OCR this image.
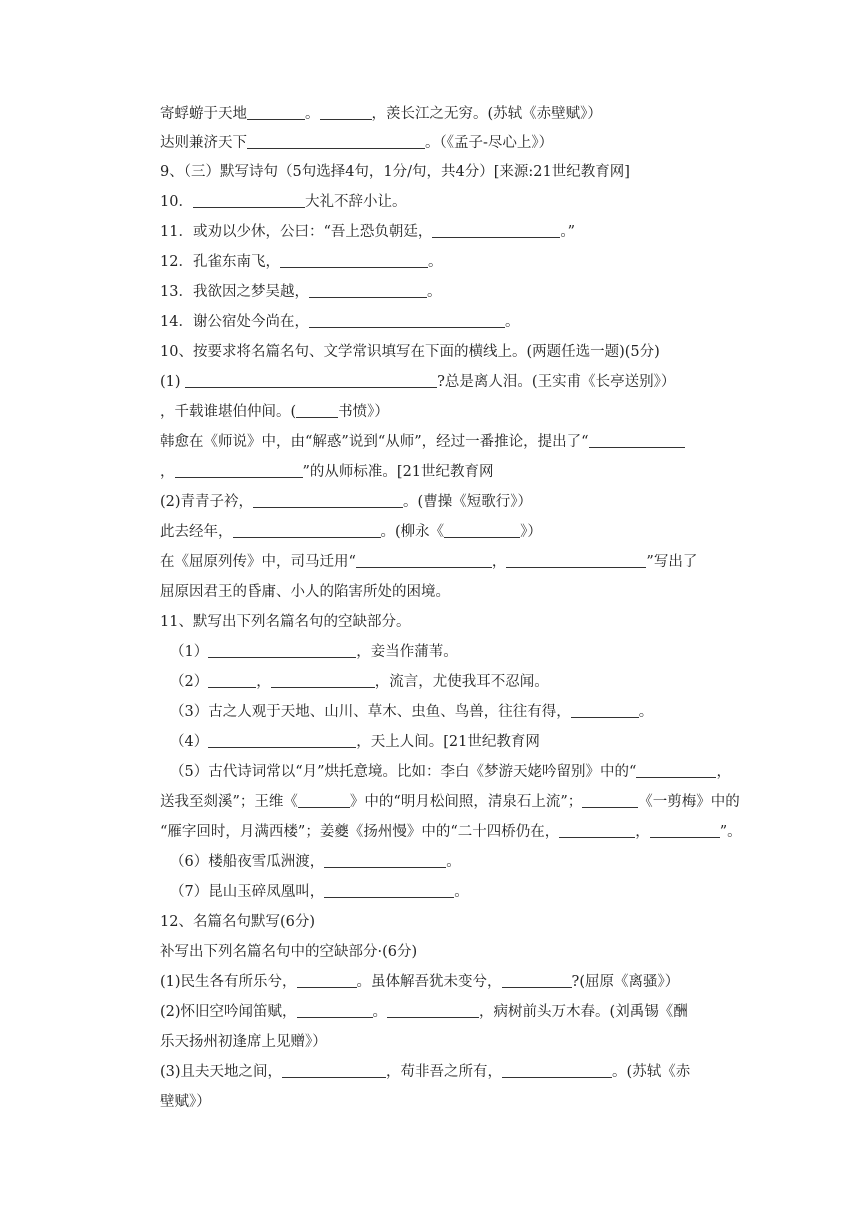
寄蜉蝣于天地	。	，羡长江之无穷。(苏轼《赤壁赋》）
达则兼济天下	。（《孟子-尽心上》）
9、（三）默写诗句（5句选择4句，1分/句，共4分）[来源:21世纪教育网]
10．	大礼不辞小让。
11．或劝以少休，公曰：“吾上恐负朝廷，	。”
12．孔雀东南飞，	。
13．我欲因之梦吴越，	。
14．谢公宿处今尚在，	。
10、按要求将名篇名句、文学常识填写在下面的横线上。(两题任选一题)(5分)
(1)	?总是离人泪。(王实甫《长亭送别》）
，千载谁堪伯仲间。(	书愤》）
韩愈在《师说》中，由“解惑”说到“从师”，经过一番推论，提出了“
，	”的从师标准。[21世纪教育网
(2)青青子衿，	。(曹操《短歌行》）
此去经年，	。(柳永《	》）
在《屈原列传》中，司马迁用“	，	”写出了
屈原因君王的昏庸、小人的陷害所处的困境。
11、默写出下列名篇名句的空缺部分。
（1）	，妾当作蒲苇。
（2）	，	，流言，尤使我耳不忍闻。
（3）古之人观于天地、山川、草木、虫鱼、鸟兽，往往有得，	。
（4）	，天上人间。[21世纪教育网
（5）古代诗词常以“月”烘托意境。比如：李白《梦游天姥吟留别》中的“	，
送我至剡溪”；王维《	》中的“明月松间照，清泉石上流”；	《一剪梅》中的
“雁字回时，月满西楼”；姜夔《扬州慢》中的“二十四桥仍在，	，	”。
（6）楼船夜雪瓜洲渡，	。
（7）昆山玉碎凤凰叫，	。
12、名篇名句默写(6分)
补写出下列名篇名句中的空缺部分·(6分)
(1)民生各有所乐兮，	。虽体解吾犹未变兮，	?(屈原《离骚》）
(2)怀旧空吟闻笛赋，	。	，病树前头万木春。(刘禹锡《酬
乐天扬州初逢席上见赠》）
(3)且夫天地之间，	，苟非吾之所有，	。(苏轼《赤
壁赋》）
